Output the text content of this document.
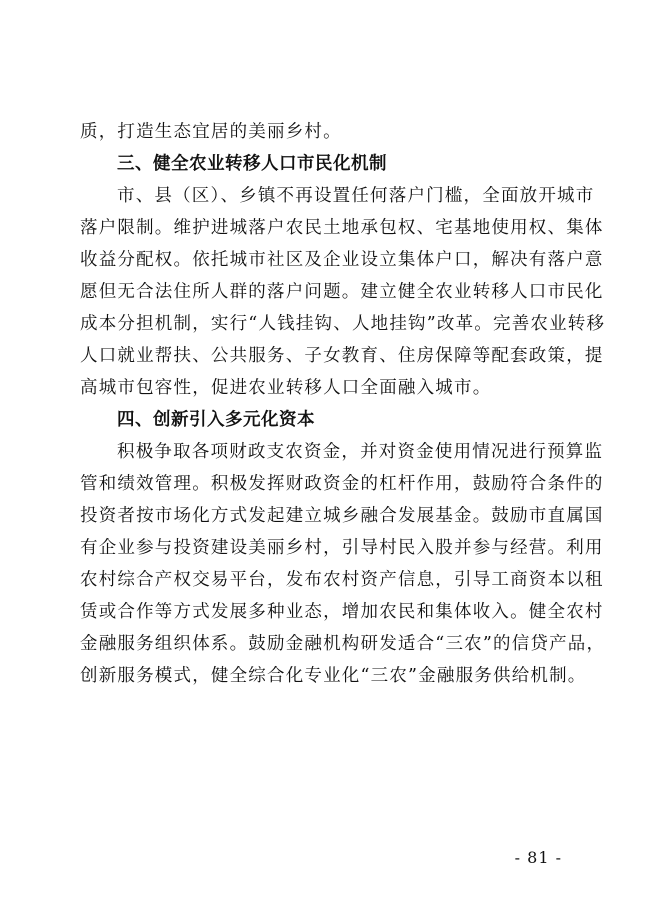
质，打造生态宜居的美丽乡村。
三、健全农业转移人口市民化机制
市、县（区）、乡镇不再设置任何落户门槛，全面放开城市
落户限制。维护进城落户农民土地承包权、宅基地使用权、集体
收益分配权。依托城市社区及企业设立集体户口，解决有落户意
愿但无合法住所人群的落户问题。建立健全农业转移人口市民化
成本分担机制，实行“人钱挂钩、人地挂钩”改革。完善农业转移
人口就业帮扶、公共服务、子女教育、住房保障等配套政策，提
高城市包容性，促进农业转移人口全面融入城市。
四、创新引入多元化资本
积极争取各项财政支农资金，并对资金使用情况进行预算监
管和绩效管理。积极发挥财政资金的杠杆作用，鼓励符合条件的
投资者按市场化方式发起建立城乡融合发展基金。鼓励市直属国
有企业参与投资建设美丽乡村，引导村民入股并参与经营。利用
农村综合产权交易平台，发布农村资产信息，引导工商资本以租
赁或合作等方式发展多种业态，增加农民和集体收入。健全农村
金融服务组织体系。鼓励金融机构研发适合“三农”的信贷产品，
创新服务模式，健全综合化专业化“三农”金融服务供给机制。
- 81 -
